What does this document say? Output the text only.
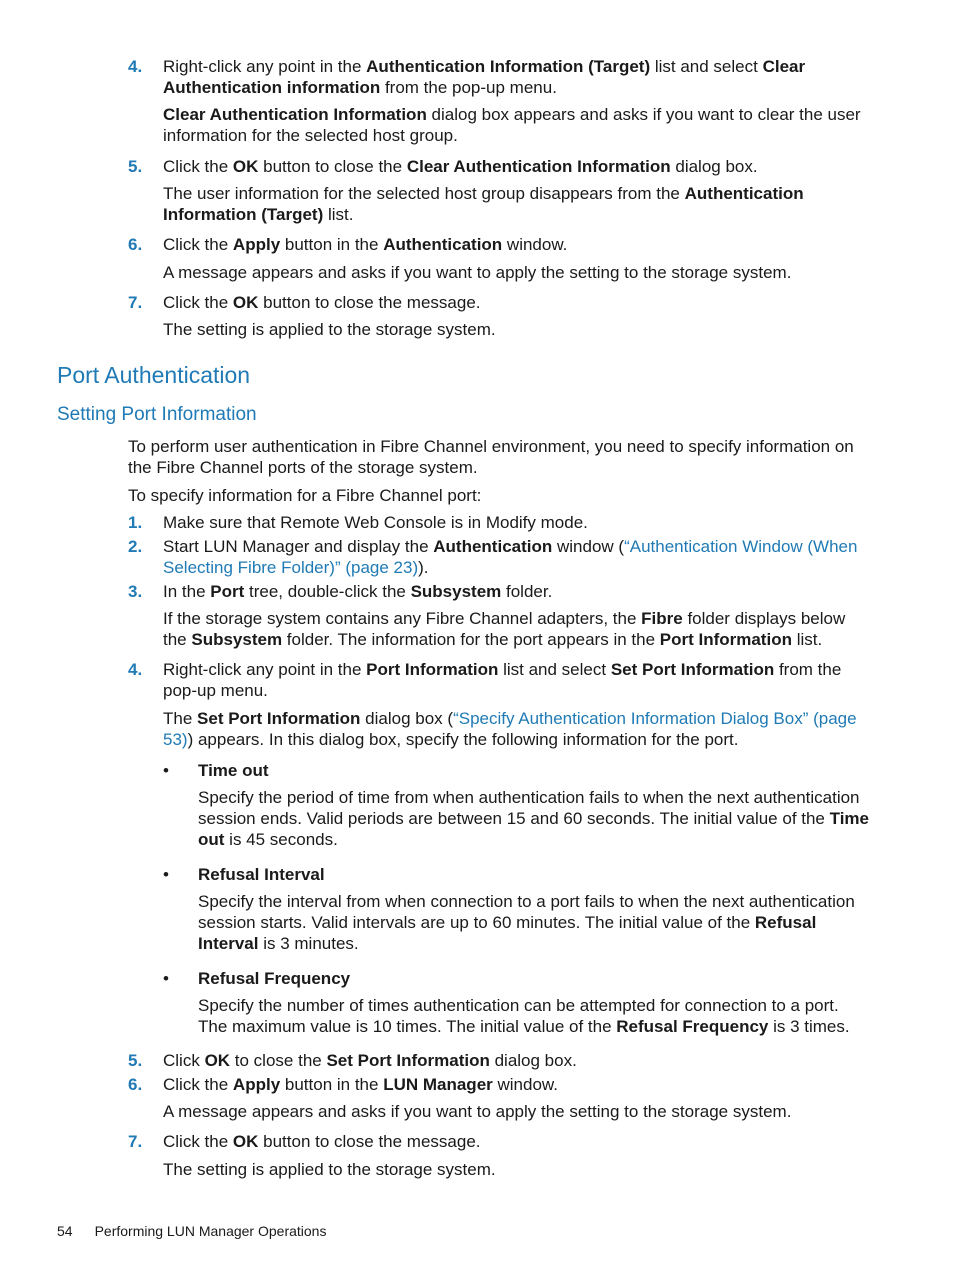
4. Right-click any point in the Authentication Information (Target) list and select Clear Authentication information from the pop-up menu.
Clear Authentication Information dialog box appears and asks if you want to clear the user information for the selected host group.
5. Click the OK button to close the Clear Authentication Information dialog box.
The user information for the selected host group disappears from the Authentication Information (Target) list.
6. Click the Apply button in the Authentication window.
A message appears and asks if you want to apply the setting to the storage system.
7. Click the OK button to close the message.
The setting is applied to the storage system.
Port Authentication
Setting Port Information
To perform user authentication in Fibre Channel environment, you need to specify information on the Fibre Channel ports of the storage system.
To specify information for a Fibre Channel port:
1. Make sure that Remote Web Console is in Modify mode.
2. Start LUN Manager and display the Authentication window (“Authentication Window (When Selecting Fibre Folder)” (page 23)).
3. In the Port tree, double-click the Subsystem folder.
If the storage system contains any Fibre Channel adapters, the Fibre folder displays below the Subsystem folder. The information for the port appears in the Port Information list.
4. Right-click any point in the Port Information list and select Set Port Information from the pop-up menu.
The Set Port Information dialog box (“Specify Authentication Information Dialog Box” (page 53)) appears. In this dialog box, specify the following information for the port.
• Time out
Specify the period of time from when authentication fails to when the next authentication session ends. Valid periods are between 15 and 60 seconds. The initial value of the Time out is 45 seconds.
• Refusal Interval
Specify the interval from when connection to a port fails to when the next authentication session starts. Valid intervals are up to 60 minutes. The initial value of the Refusal Interval is 3 minutes.
• Refusal Frequency
Specify the number of times authentication can be attempted for connection to a port. The maximum value is 10 times. The initial value of the Refusal Frequency is 3 times.
5. Click OK to close the Set Port Information dialog box.
6. Click the Apply button in the LUN Manager window.
A message appears and asks if you want to apply the setting to the storage system.
7. Click the OK button to close the message.
The setting is applied to the storage system.
54 Performing LUN Manager Operations
